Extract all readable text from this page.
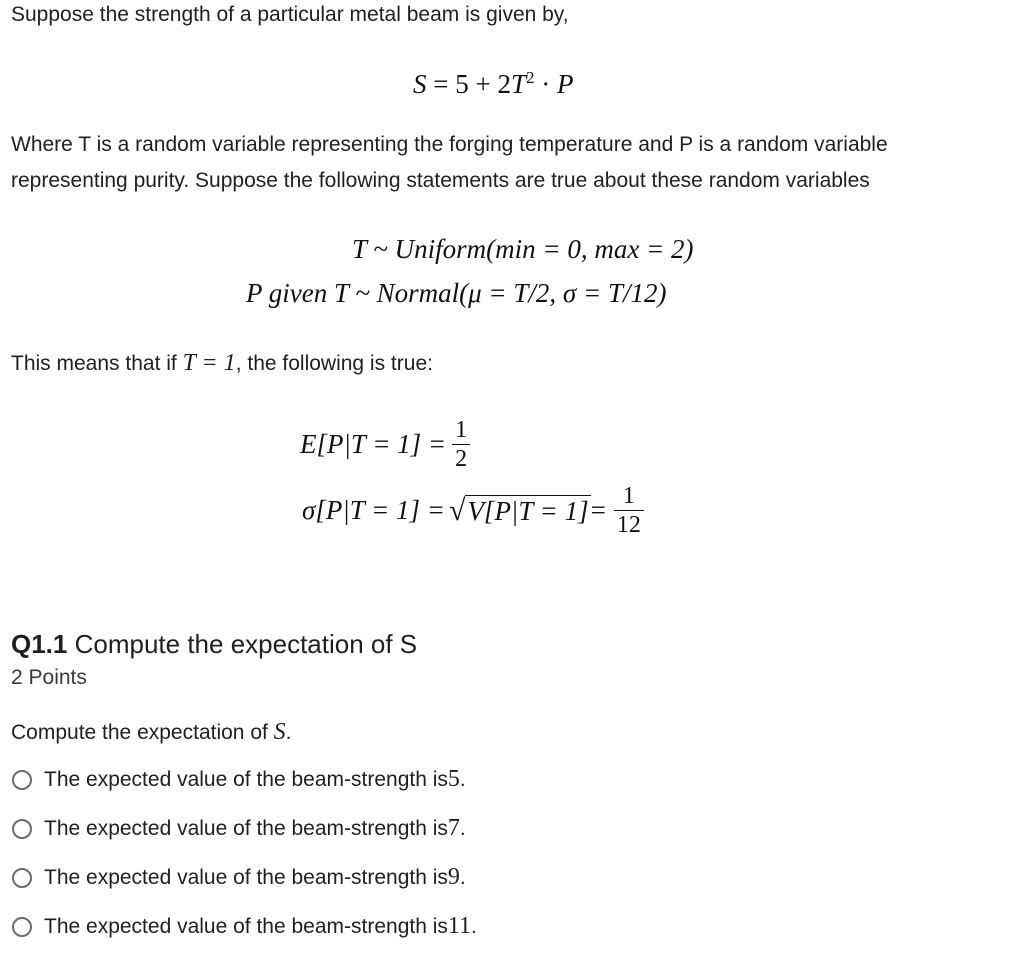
Suppose the strength of a particular metal beam is given by,
$S = 5 + 2T^2 \cdot P$
Where T is a random variable representing the forging temperature and P is a random variable
representing purity. Suppose the following statements are true about these random variables
T ~ Uniform(min = 0, max = 2)
P given T ~ Normal(μ = T/2, σ = T/12)
This means that if T = 1, the following is true:
$E[P|T = 1] = \frac{1}{2}$
σ[P|T = 1] = √ $V[P|T = 1] = \frac{1}{12}$
Q1.1 Compute the expectation of S
2 Points
Compute the expectation of S.
The expected value of the beam-strength is 5 .
The expected value of the beam-strength is 7 .
The expected value of the beam-strength is 9 .
The expected value of the beam-strength is 11 .
